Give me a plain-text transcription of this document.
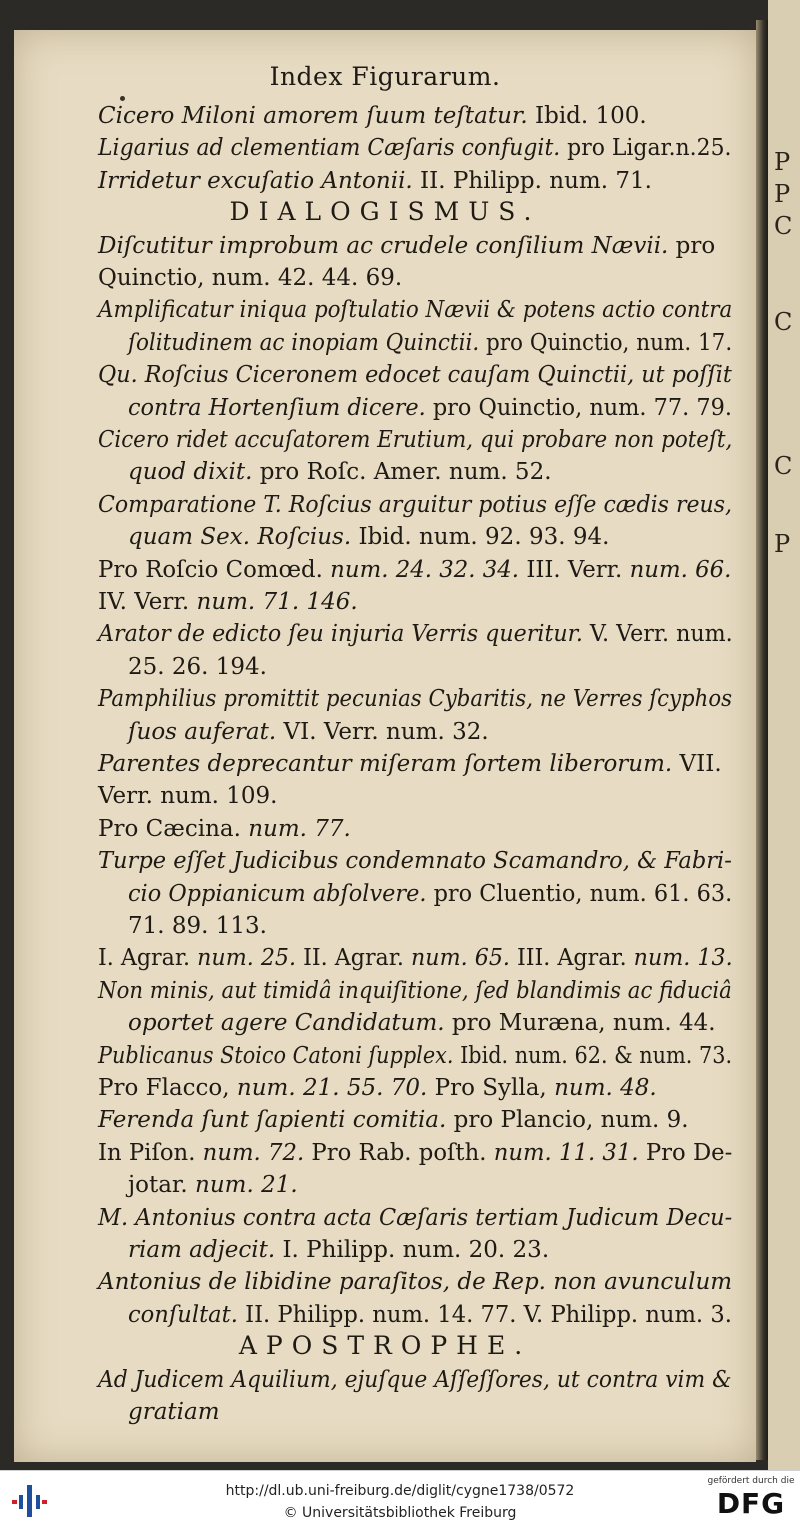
Index Figurarum.
Cicero Miloni amorem ſuum teſtatur. Ibid. 100.
Ligarius ad clementiam Cæſaris confugit. pro Ligar.n.25.
Irridetur excuſatio Antonii. II. Philipp. num. 71.
DIALOGISMUS.
Diſcutitur improbum ac crudele conſilium Nævii. pro
Quinctio, num. 42. 44. 69.
Amplificatur iniqua poſtulatio Nævii & potens actio contra
ſolitudinem ac inopiam Quinctii. pro Quinctio, num. 17.
Qu. Roſcius Ciceronem edocet cauſam Quinctii, ut poſſit
contra Hortenſium dicere. pro Quinctio, num. 77. 79.
Cicero ridet accuſatorem Erutium, qui probare non poteſt,
quod dixit. pro Roſc. Amer. num. 52.
Comparatione T. Roſcius arguitur potius eſſe cædis reus,
quam Sex. Roſcius. Ibid. num. 92. 93. 94.
Pro Roſcio Comœd. num. 24. 32. 34. III. Verr. num. 66.
IV. Verr. num. 71. 146.
Arator de edicto ſeu injuria Verris queritur. V. Verr. num.
25. 26. 194.
Pamphilius promittit pecunias Cybaritis, ne Verres ſcyphos
ſuos auferat. VI. Verr. num. 32.
Parentes deprecantur miſeram ſortem liberorum. VII.
Verr. num. 109.
Pro Cæcina. num. 77.
Turpe eſſet Judicibus condemnato Scamandro, & Fabri-
cio Oppianicum abſolvere. pro Cluentio, num. 61. 63.
71. 89. 113.
I. Agrar. num. 25. II. Agrar. num. 65. III. Agrar. num. 13.
Non minis, aut timidâ inquiſitione, ſed blandimis ac fiduciâ
oportet agere Candidatum. pro Muræna, num. 44.
Publicanus Stoico Catoni ſupplex. Ibid. num. 62. & num. 73.
Pro Flacco, num. 21. 55. 70. Pro Sylla, num. 48.
Ferenda ſunt ſapienti comitia. pro Plancio, num. 9.
In Piſon. num. 72. Pro Rab. poſth. num. 11. 31. Pro De-
jotar. num. 21.
M. Antonius contra acta Cæſaris tertiam Judicum Decu-
riam adjecit. I. Philipp. num. 20. 23.
Antonius de libidine paraſitos, de Rep. non avunculum
conſultat. II. Philipp. num. 14. 77. V. Philipp. num. 3.
APOSTROPHE.
Ad Judicem Aquilium, ejuſque Aſſeſſores, ut contra vim &
gratiam
P
P
C
C
C
P
http://dl.ub.uni-freiburg.de/diglit/cygne1738/0572
© Universitätsbibliothek Freiburg
gefördert durch die
DFG
